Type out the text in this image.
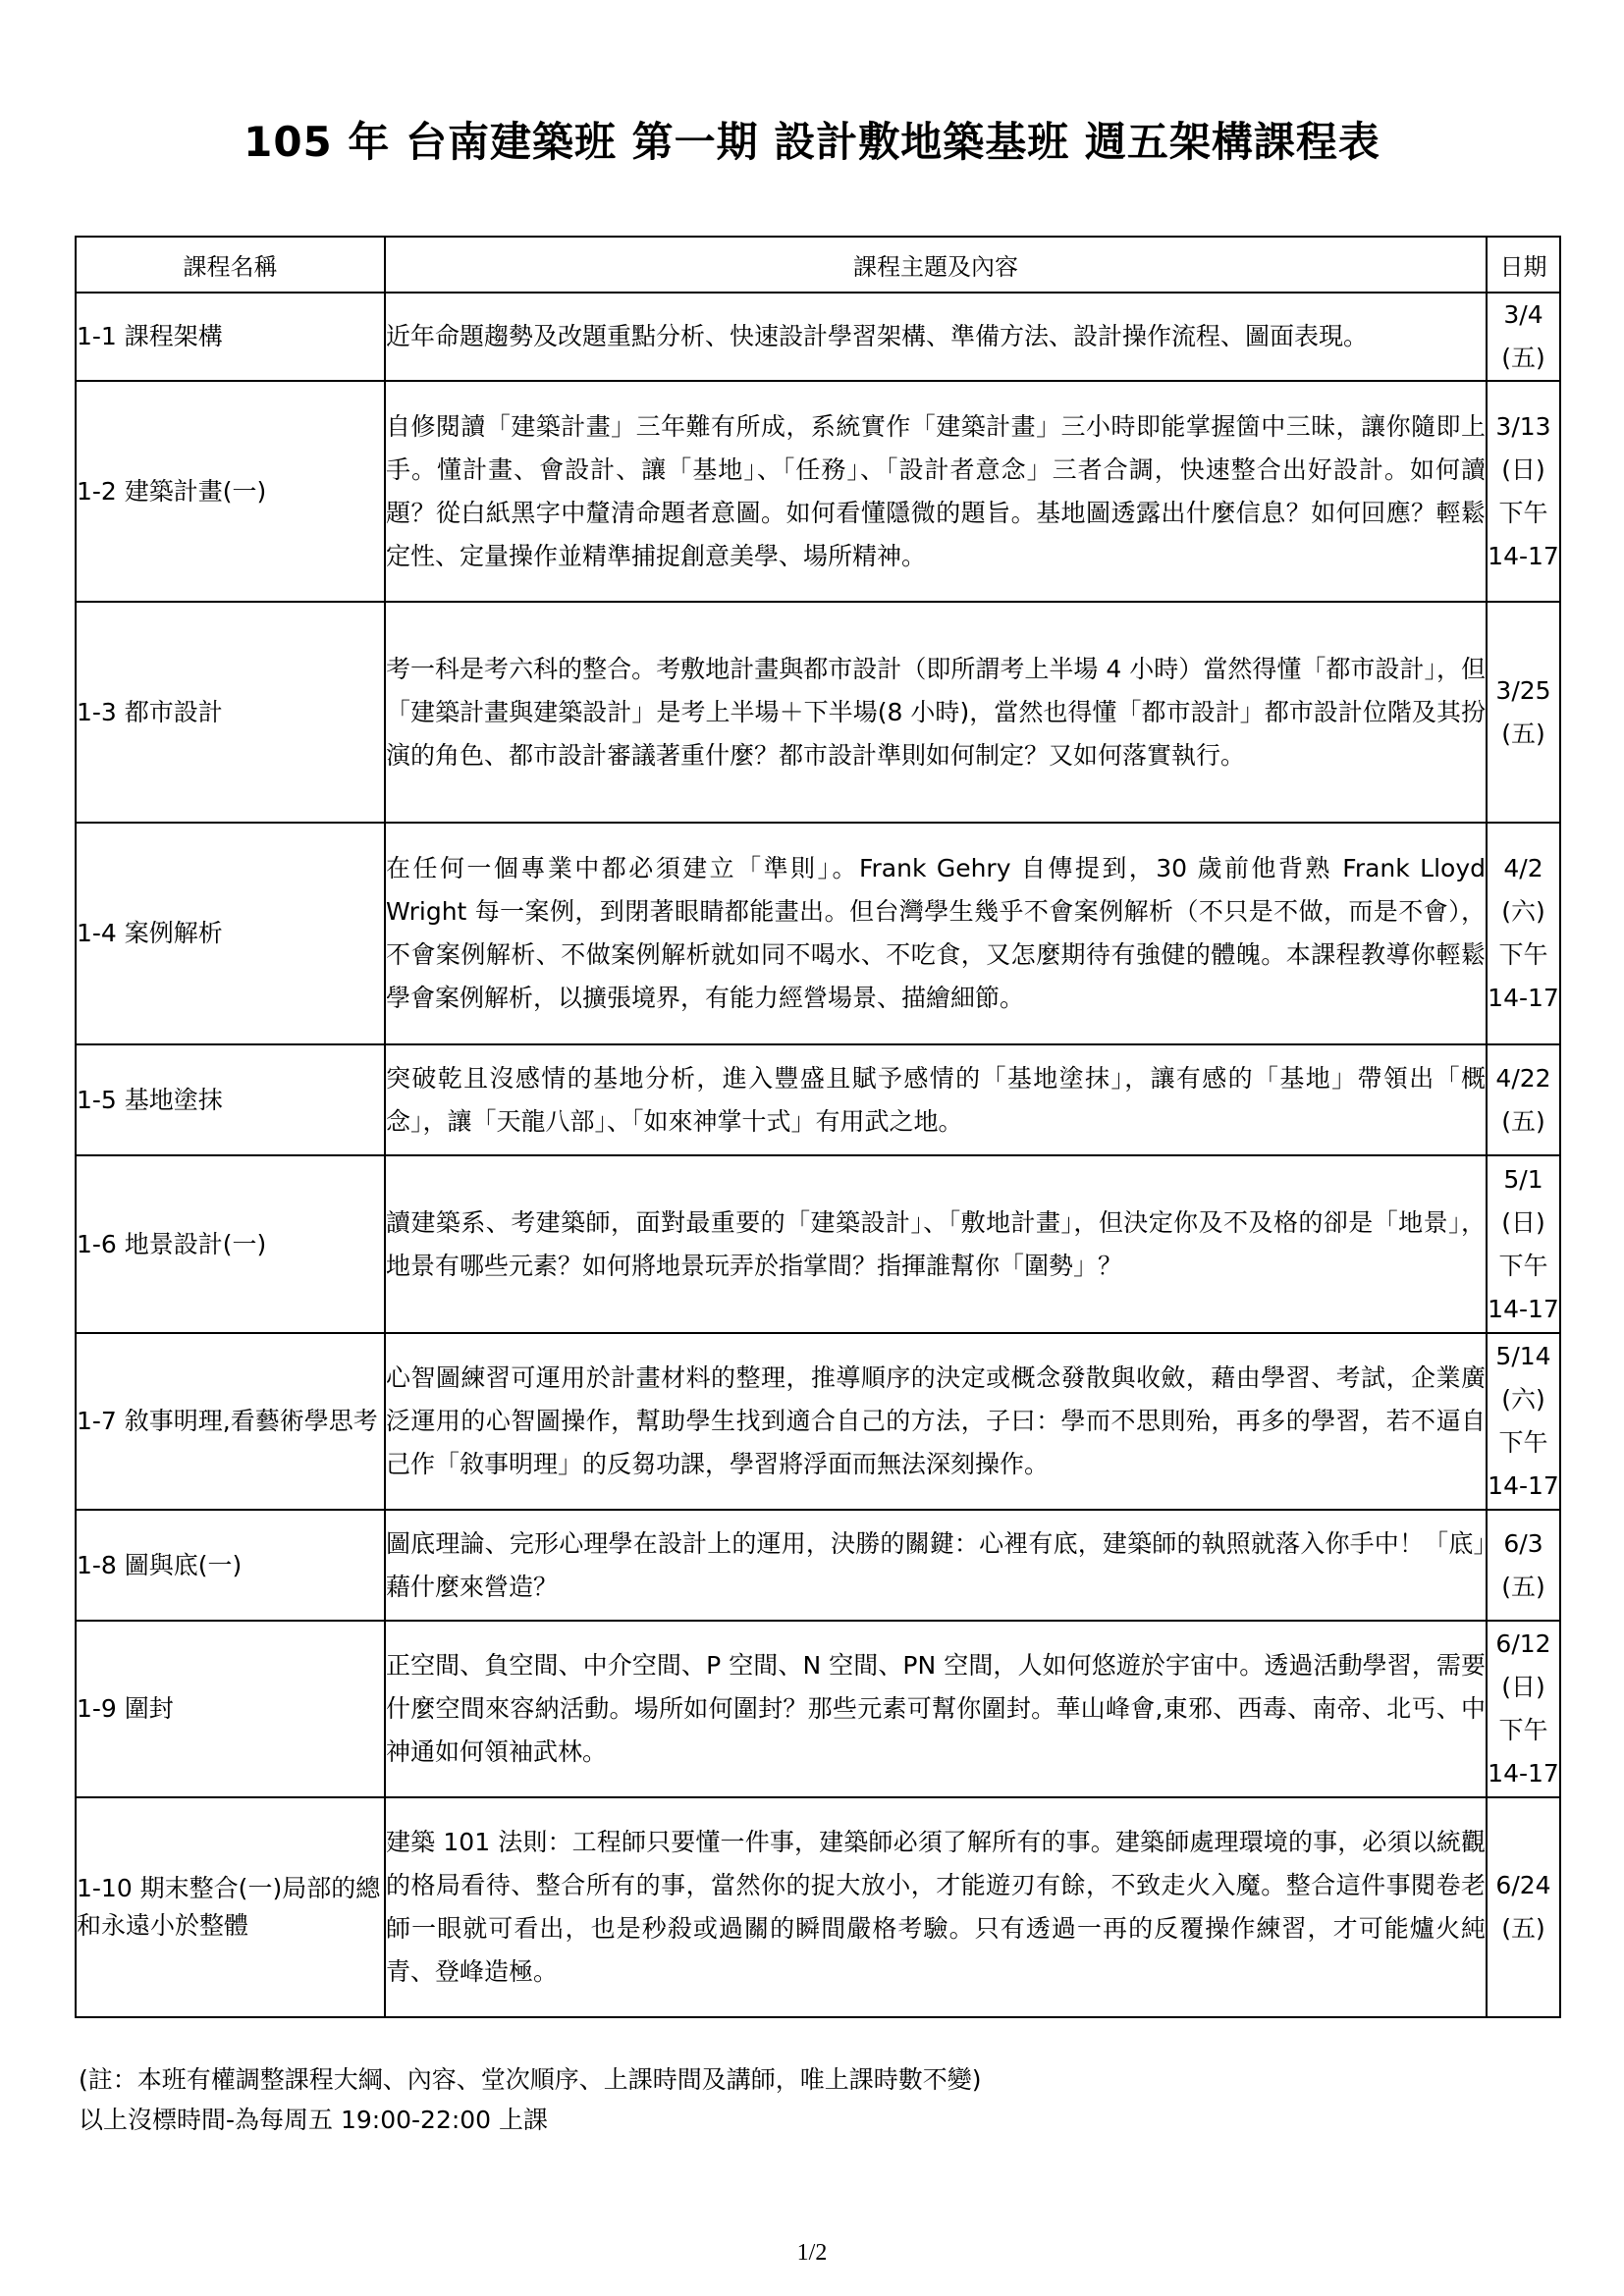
105 年 台南建築班 第一期 設計敷地築基班 週五架構課程表
課程名稱	課程主題及內容	日期
1-1 課程架構	近年命題趨勢及改題重點分析、快速設計學習架構、準備方法、設計操作流程、圖面表現。	3/4
(五)

1-2 建築計畫(一)	自修閱讀「建築計畫」三年難有所成，系統實作「建築計畫」三小時即能掌握箇中三昧，讓你隨即上手。懂計畫、會設計、讓「基地」、「任務」、「設計者意念」三者合調，快速整合出好設計。如何讀題？從白紙黑字中釐清命題者意圖。如何看懂隱微的題旨。基地圖透露出什麼信息？如何回應？輕鬆定性、定量操作並精準捕捉創意美學、場所精神。	3/13
(日)
下午
14-17

1-3 都市設計	考一科是考六科的整合。考敷地計畫與都市設計（即所謂考上半場 4 小時）當然得懂「都市設計」，但「建築計畫與建築設計」是考上半場＋下半場(8 小時)，當然也得懂「都市設計」都市設計位階及其扮演的角色、都市設計審議著重什麼？都市設計準則如何制定？又如何落實執行。	3/25
(五)

1-4 案例解析	在任何一個專業中都必須建立「準則」。Frank Gehry 自傳提到，30 歲前他背熟 Frank Lloyd Wright 每一案例，到閉著眼睛都能畫出。但台灣學生幾乎不會案例解析（不只是不做，而是不會），不會案例解析、不做案例解析就如同不喝水、不吃食，又怎麼期待有強健的體魄。本課程教導你輕鬆學會案例解析，以擴張境界，有能力經營場景、描繪細節。	4/2
(六)
下午
14-17

1-5 基地塗抹	突破乾且沒感情的基地分析，進入豐盛且賦予感情的「基地塗抹」，讓有感的「基地」帶領出「概念」，讓「天龍八部」、「如來神掌十式」有用武之地。	4/22
(五)

1-6 地景設計(一)	讀建築系、考建築師，面對最重要的「建築設計」、「敷地計畫」，但決定你及不及格的卻是「地景」，地景有哪些元素？如何將地景玩弄於指掌間？指揮誰幫你「圍勢」？	5/1
(日)
下午
14-17

1-7 敘事明理,看藝術學思考	心智圖練習可運用於計畫材料的整理，推導順序的決定或概念發散與收斂，藉由學習、考試，企業廣泛運用的心智圖操作，幫助學生找到適合自己的方法，子曰：學而不思則殆，再多的學習，若不逼自己作「敘事明理」的反芻功課，學習將浮面而無法深刻操作。	5/14
(六)
下午
14-17

1-8 圖與底(一)	圖底理論、完形心理學在設計上的運用，決勝的關鍵：心裡有底，建築師的執照就落入你手中！「底」藉什麼來營造？	6/3
(五)

1-9 圍封	正空間、負空間、中介空間、P 空間、N 空間、PN 空間，人如何悠遊於宇宙中。透過活動學習，需要什麼空間來容納活動。場所如何圍封？那些元素可幫你圍封。華山峰會,東邪、西毒、南帝、北丐、中神通如何領袖武林。	6/12
(日)
下午
14-17

1-10 期末整合(一)局部的總和永遠小於整體	建築 101 法則：工程師只要懂一件事，建築師必須了解所有的事。建築師處理環境的事，必須以統觀的格局看待、整合所有的事，當然你的捉大放小，才能遊刃有餘，不致走火入魔。整合這件事閱卷老師一眼就可看出，也是秒殺或過關的瞬間嚴格考驗。只有透過一再的反覆操作練習，才可能爐火純青、登峰造極。	6/24
(五)
(註：本班有權調整課程大綱、內容、堂次順序、上課時間及講師，唯上課時數不變)
以上沒標時間-為每周五 19:00-22:00 上課
1/2
